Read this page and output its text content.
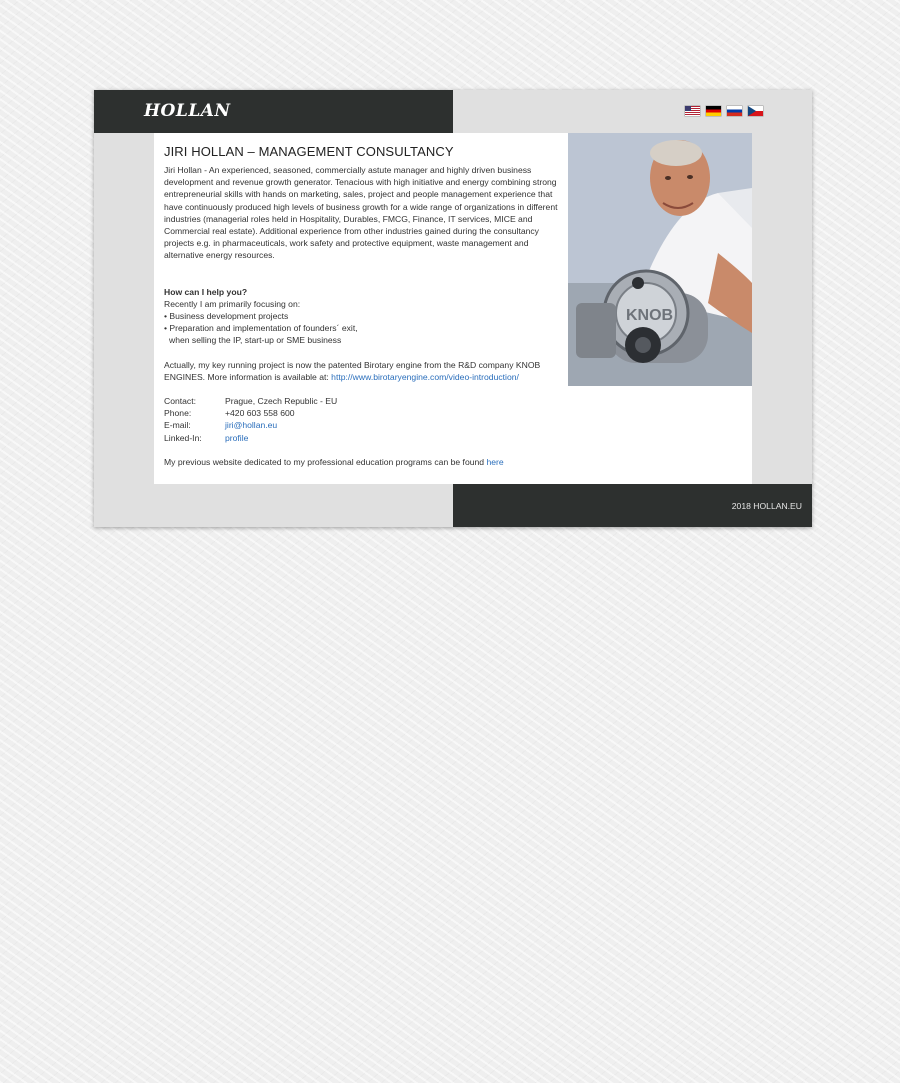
HOLLAN
JIRI HOLLAN – MANAGEMENT CONSULTANCY

Jiri Hollan - An experienced, seasoned, commercially astute manager and highly driven business development and revenue growth generator. Tenacious with high initiative and energy combining strong entrepreneurial skills with hands on marketing, sales, project and people management experience that have continuously produced high levels of business growth for a wide range of organizations in different industries (managerial roles held in Hospitality, Durables, FMCG, Finance, IT services, MICE and Commercial real estate). Additional experience from other industries gained during the consultancy projects e.g. in pharmaceuticals, work safety and protective equipment, waste management and alternative energy resources.

How can I help you?

Recently I am primarily focusing on:

• Business development projects

• Preparation and implementation of founders´ exit,

when selling the IP, start-up or SME business

Actually, my key running project is now the patented Birotary engine from the R&D company KNOB ENGINES. More information is available at: http://www.birotaryengine.com/video-introduction/

Contact:	Prague, Czech Republic - EU
Phone:	+420 603 558 600
E-mail:	jiri@hollan.eu
Linked-In:	profile

My previous website dedicated to my professional education programs can be found here

KNOB
2018 HOLLAN.EU
